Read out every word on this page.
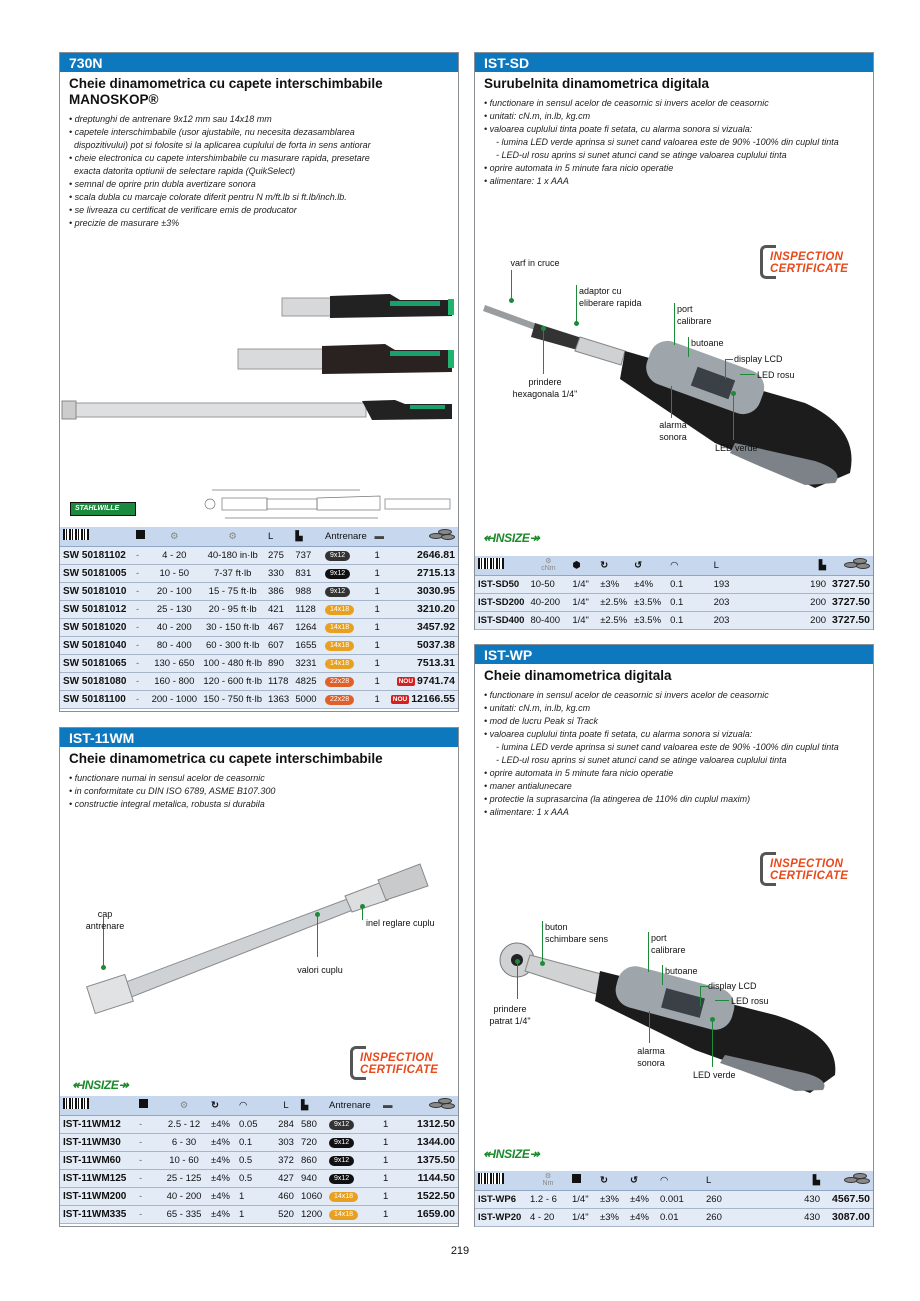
730N
Cheie dinamometrica cu capete interschimbabile
MANOSKOP®
• dreptunghi de antrenare 9x12 mm sau 14x18 mm
• capetele interschimbabile (usor ajustabile, nu necesita dezasamblarea
dispozitivului) pot si folosite si la aplicarea cuplului de forta in sens antiorar
• cheie electronica cu capete intershimbabile cu masurare rapida, presetare
exacta datorita optiunii de selectare rapida (QuikSelect)
• semnal de oprire prin dubla avertizare sonora
• scala dubla cu marcaje colorate diferit pentru N m/ft.lb si ft.lb/inch.lb.
• se livreaza cu certificat de verificare emis de producator
• precizie de masurare ±3%
STAHLWILLE
		⚙	⚙	L	▙	Antrenare	▬	

SW 50181102	-	4 - 20	40-180 in·lb	275	737	9x12	1	2646.81
SW 50181005	-	10 - 50	7-37 ft·lb	330	831	9x12	1	2715.13
SW 50181010	-	20 - 100	15 - 75 ft·lb	386	988	9x12	1	3030.95
SW 50181012	-	25 - 130	20 - 95 ft·lb	421	1128	14x18	1	3210.20
SW 50181020	-	40 - 200	30 - 150 ft·lb	467	1264	14x18	1	3457.92
SW 50181040	-	80 - 400	60 - 300 ft·lb	607	1655	14x18	1	5037.38
SW 50181065	-	130 - 650	100 - 480 ft·lb	890	3231	14x18	1	7513.31
SW 50181080	-	160 - 800	120 - 600 ft·lb	1178	4825	22x28	1	NOU 9741.74
SW 50181100	-	200 - 1000	150 - 750 ft·lb	1363	5000	22x28	1	NOU 12166.55
IST-11WM
Cheie dinamometrica cu capete interschimbabile
• functionare numai in sensul acelor de ceasornic
• in conformitate cu DIN ISO 6789, ASME B107.300
• constructie integral metalica, robusta si durabila
cap
antrenare	inel reglare cuplu
valori cuplu
INSPECTION
CERTIFICATE
↞INSIZE↠
		⚙	↻	◠	L	▙	Antrenare	▬	

IST-11WM12	-	2.5 - 12	±4%	0.05	284	580	9x12	1	1312.50
IST-11WM30	-	6 - 30	±4%	0.1	303	720	9x12	1	1344.00
IST-11WM60	-	10 - 60	±4%	0.5	372	860	9x12	1	1375.50
IST-11WM125	-	25 - 125	±4%	0.5	427	940	9x12	1	1144.50
IST-11WM200	-	40 - 200	±4%	1	460	1060	14x18	1	1522.50
IST-11WM335	-	65 - 335	±4%	1	520	1200	14x18	1	1659.00
IST-SD
Surubelnita dinamometrica digitala
• functionare in sensul acelor de ceasornic si invers acelor de ceasornic
• unitati: cN.m, in.lb, kg.cm
• valoarea cuplului tinta poate fi setata, cu alarma sonora si vizuala:
- lumina LED verde aprinsa si sunet cand valoarea este de 90% -100% din cuplul tinta
- LED-ul rosu aprins si sunet atunci cand se atinge valoarea cuplului tinta
• oprire automata in 5 minute fara nicio operatie
• alimentare: 1 x AAA
INSPECTION
CERTIFICATE
varf in cruce
adaptor cu
eliberare rapida
port
calibrare
butoane
display LCD
LED rosu
prindere
hexagonala 1/4"
alarma
sonora
LED verde
↞INSIZE↠

	⚙
cNm	⬢	↻	↺	◠	L	▙	

IST-SD50	10-50	1/4"	±3%	±4%	0.1	193	190	3727.50
IST-SD200	40-200	1/4"	±2.5%	±3.5%	0.1	203	200	3727.50
IST-SD400	80-400	1/4"	±2.5%	±3.5%	0.1	203	200	3727.50
IST-WP
Cheie dinamometrica digitala
• functionare in sensul acelor de ceasornic si invers acelor de ceasornic
• unitati: cN.m, in.lb, kg.cm
• mod de lucru Peak si Track
• valoarea cuplului tinta poate fi setata, cu alarma sonora si vizuala:
- lumina LED verde aprinsa si sunet cand valoarea este de 90% -100% din cuplul tinta
- LED-ul rosu aprins si sunet atunci cand se atinge valoarea cuplului tinta
• oprire automata in 5 minute fara nicio operatie
• maner antialunecare
• protectie la suprasarcina (la atingerea de 110% din cuplul maxim)
• alimentare: 1 x AAA
INSPECTION
CERTIFICATE
buton
schimbare sens	port
calibrare
butoane
display LCD
LED rosu
prindere
patrat 1/4"
alarma
sonora
LED verde
↞INSIZE↠

	⚙
Nm		↻	↺	◠	L	▙	

IST-WP6	1.2 - 6	1/4"	±3%	±4%	0.001	260	430	4567.50
IST-WP20	4 - 20	1/4"	±3%	±4%	0.01	260	430	3087.00
219
